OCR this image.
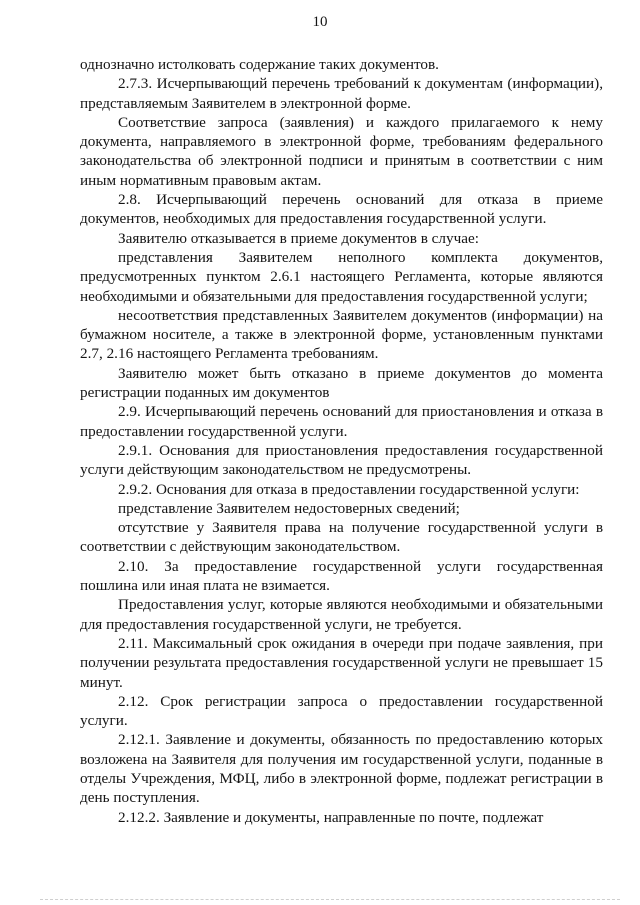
10

однозначно истолковать содержание таких документов.

2.7.3. Исчерпывающий перечень требований к документам (информации), представляемым Заявителем в электронной форме.

Соответствие запроса (заявления) и каждого прилагаемого к нему документа, направляемого в электронной форме, требованиям федерального законодательства об электронной подписи и принятым в соответствии с ним иным нормативным правовым актам.

2.8. Исчерпывающий перечень оснований для отказа в приеме документов, необходимых для предоставления государственной услуги.

Заявителю отказывается в приеме документов в случае:

представления Заявителем неполного комплекта документов, предусмотренных пунктом 2.6.1 настоящего Регламента, которые являются необходимыми и обязательными для предоставления государственной услуги;

несоответствия представленных Заявителем документов (информации) на бумажном носителе, а также в электронной форме, установленным пунктами 2.7, 2.16 настоящего Регламента требованиям.

Заявителю может быть отказано в приеме документов до момента регистрации поданных им документов

2.9. Исчерпывающий перечень оснований для приостановления и отказа в предоставлении государственной услуги.

2.9.1. Основания для приостановления предоставления государственной услуги действующим законодательством не предусмотрены.

2.9.2. Основания для отказа в предоставлении государственной услуги:

представление Заявителем недостоверных сведений;

отсутствие у Заявителя права на получение государственной услуги в соответствии с действующим законодательством.

2.10. За предоставление государственной услуги государственная пошлина или иная плата не взимается.

Предоставления услуг, которые являются необходимыми и обязательными для предоставления государственной услуги, не требуется.

2.11. Максимальный срок ожидания в очереди при подаче заявления, при получении результата предоставления государственной услуги не превышает 15 минут.

2.12. Срок регистрации запроса о предоставлении государственной услуги.

2.12.1. Заявление и документы, обязанность по предоставлению которых возложена на Заявителя для получения им государственной услуги, поданные в отделы Учреждения, МФЦ, либо в электронной форме, подлежат регистрации в день поступления.

2.12.2. Заявление и документы, направленные по почте, подлежат
